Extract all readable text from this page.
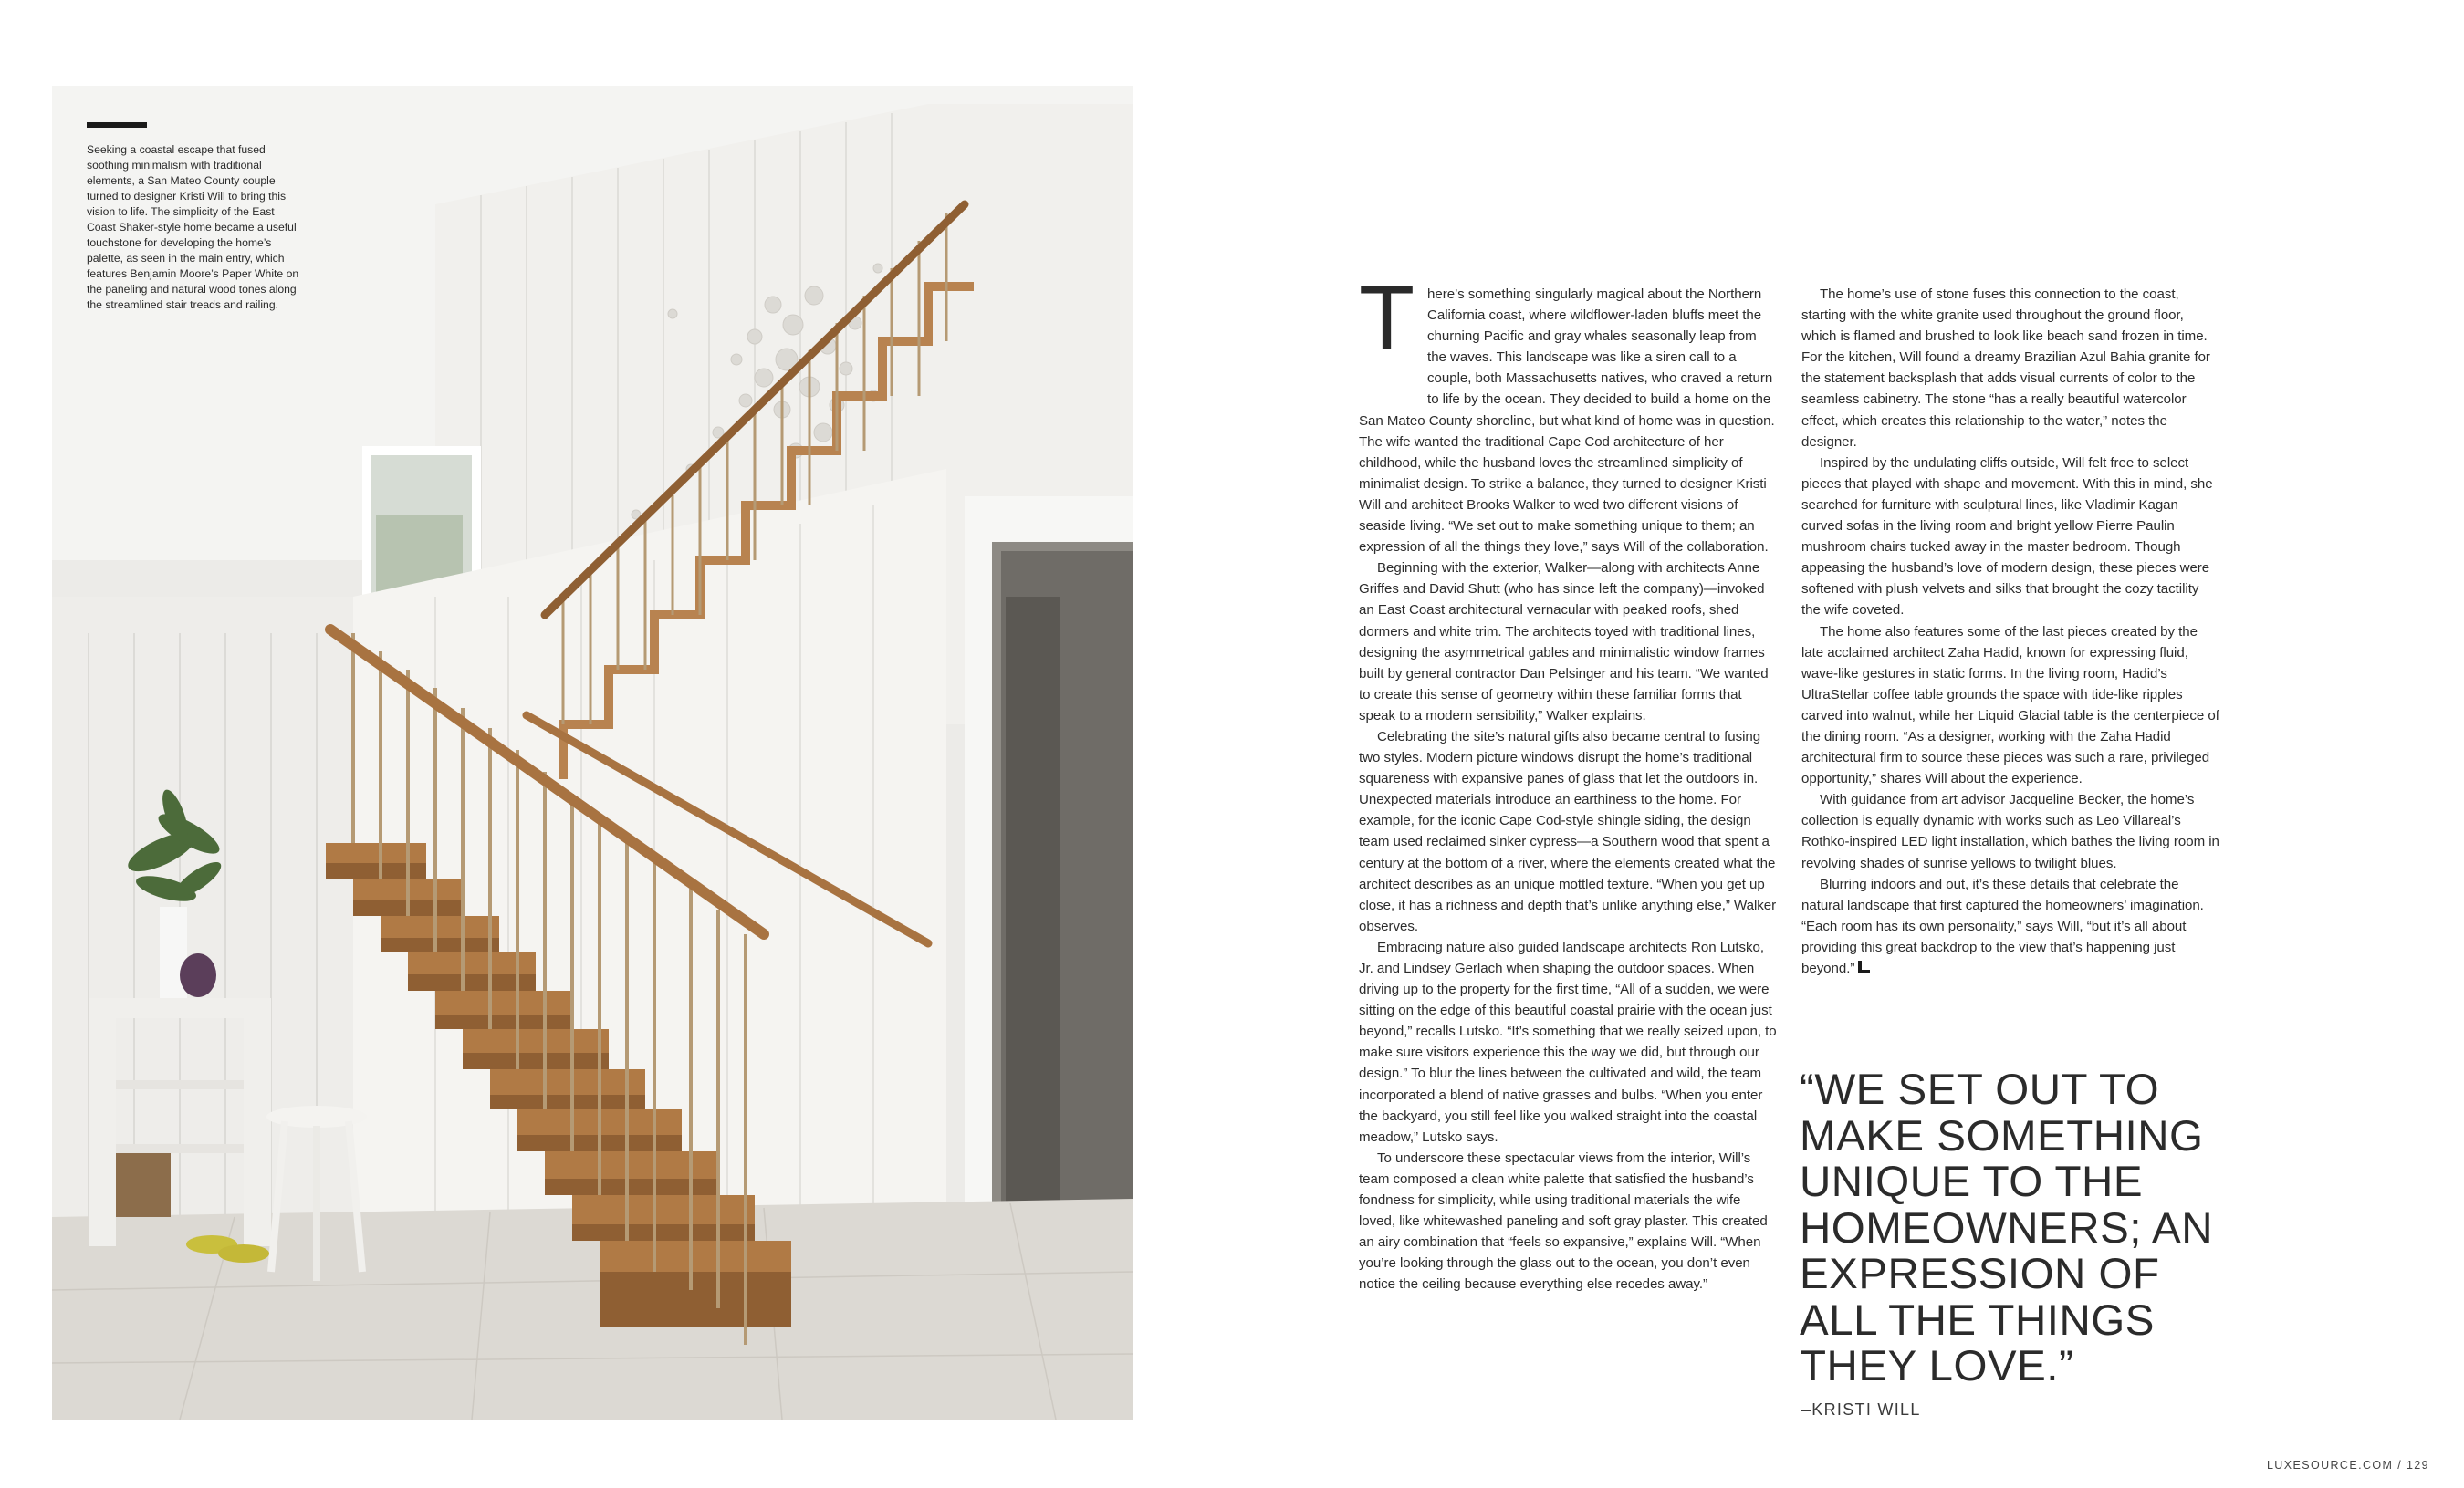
Seeking a coastal escape that fused soothing minimalism with traditional elements, a San Mateo County couple turned to designer Kristi Will to bring this vision to life. The simplicity of the East Coast Shaker-style home became a useful touchstone for developing the home’s palette, as seen in the main entry, which features Benjamin Moore’s Paper White on the paneling and natural wood tones along the streamlined stair treads and railing.	There’s something singularly magical about the Northern California coast, where wildflower-laden bluffs meet the churning Pacific and gray whales seasonally leap from the waves. This landscape was like a siren call to a couple, both Massachusetts natives, who craved a return to life by the ocean. They decided to build a home on the San Mateo County shoreline, but what kind of home was in question. The wife wanted the traditional Cape Cod architecture of her childhood, while the husband loves the streamlined simplicity of minimalist design. To strike a balance, they turned to designer Kristi Will and architect Brooks Walker to wed two different visions of seaside living. “We set out to make something unique to them; an expression of all the things they love,” says Will of the collaboration.

Beginning with the exterior, Walker—along with architects Anne Griffes and David Shutt (who has since left the company)—invoked an East Coast architectural vernacular with peaked roofs, shed dormers and white trim. The architects toyed with traditional lines, designing the asymmetrical gables and minimalistic window frames built by general contractor Dan Pelsinger and his team. “We wanted to create this sense of geometry within these familiar forms that speak to a modern sensibility,” Walker explains.

Celebrating the site’s natural gifts also became central to fusing two styles. Modern picture windows disrupt the home’s traditional squareness with expansive panes of glass that let the outdoors in. Unexpected materials introduce an earthiness to the home. For example, for the iconic Cape Cod-style shingle siding, the design team used reclaimed sinker cypress—a Southern wood that spent a century at the bottom of a river, where the elements created what the architect describes as an unique mottled texture. “When you get up close, it has a richness and depth that’s unlike anything else,” Walker observes.

Embracing nature also guided landscape architects Ron Lutsko, Jr. and Lindsey Gerlach when shaping the outdoor spaces. When driving up to the property for the first time, “All of a sudden, we were sitting on the edge of this beautiful coastal prairie with the ocean just beyond,” recalls Lutsko. “It’s something that we really seized upon, to make sure visitors experience this the way we did, but through our design.” To blur the lines between the cultivated and wild, the team incorporated a blend of native grasses and bulbs. “When you enter the backyard, you still feel like you walked straight into the coastal meadow,” Lutsko says.

To underscore these spectacular views from the interior, Will’s team composed a clean white palette that satisfied the husband’s fondness for simplicity, while using traditional materials the wife loved, like whitewashed paneling and soft gray plaster. This created an airy combination that “feels so expansive,” explains Will. “When you’re looking through the glass out to the ocean, you don’t even notice the ceiling because everything else recedes away.”

The home’s use of stone fuses this connection to the coast, starting with the white granite used throughout the ground floor, which is flamed and brushed to look like beach sand frozen in time. For the kitchen, Will found a dreamy Brazilian Azul Bahia granite for the statement backsplash that adds visual currents of color to the seamless cabinetry. The stone “has a really beautiful watercolor effect, which creates this relationship to the water,” notes the designer.

Inspired by the undulating cliffs outside, Will felt free to select pieces that played with shape and movement. With this in mind, she searched for furniture with sculptural lines, like Vladimir Kagan curved sofas in the living room and bright yellow Pierre Paulin mushroom chairs tucked away in the master bedroom. Though appeasing the husband’s love of modern design, these pieces were softened with plush velvets and silks that brought the cozy tactility the wife coveted.

The home also features some of the last pieces created by the late acclaimed architect Zaha Hadid, known for expressing fluid, wave-like gestures in static forms. In the living room, Hadid’s UltraStellar coffee table grounds the space with tide-like ripples carved into walnut, while her Liquid Glacial table is the centerpiece of the dining room. “As a designer, working with the Zaha Hadid architectural firm to source these pieces was such a rare, privileged opportunity,” shares Will about the experience.

With guidance from art advisor Jacqueline Becker, the home’s collection is equally dynamic with works such as Leo Villareal’s Rothko-inspired LED light installation, which bathes the living room in revolving shades of sunrise yellows to twilight blues.

Blurring indoors and out, it’s these details that celebrate the natural landscape that first captured the homeowners’ imagination. “Each room has its own personality,” says Will, “but it’s all about providing this great backdrop to the view that’s happening just beyond.”

“WE SET OUT TO MAKE SOMETHING UNIQUE TO THE HOMEOWNERS; AN EXPRESSION OF ALL THE THINGS THEY LOVE.”

–KRISTI WILL
LUXESOURCE.COM / 129
